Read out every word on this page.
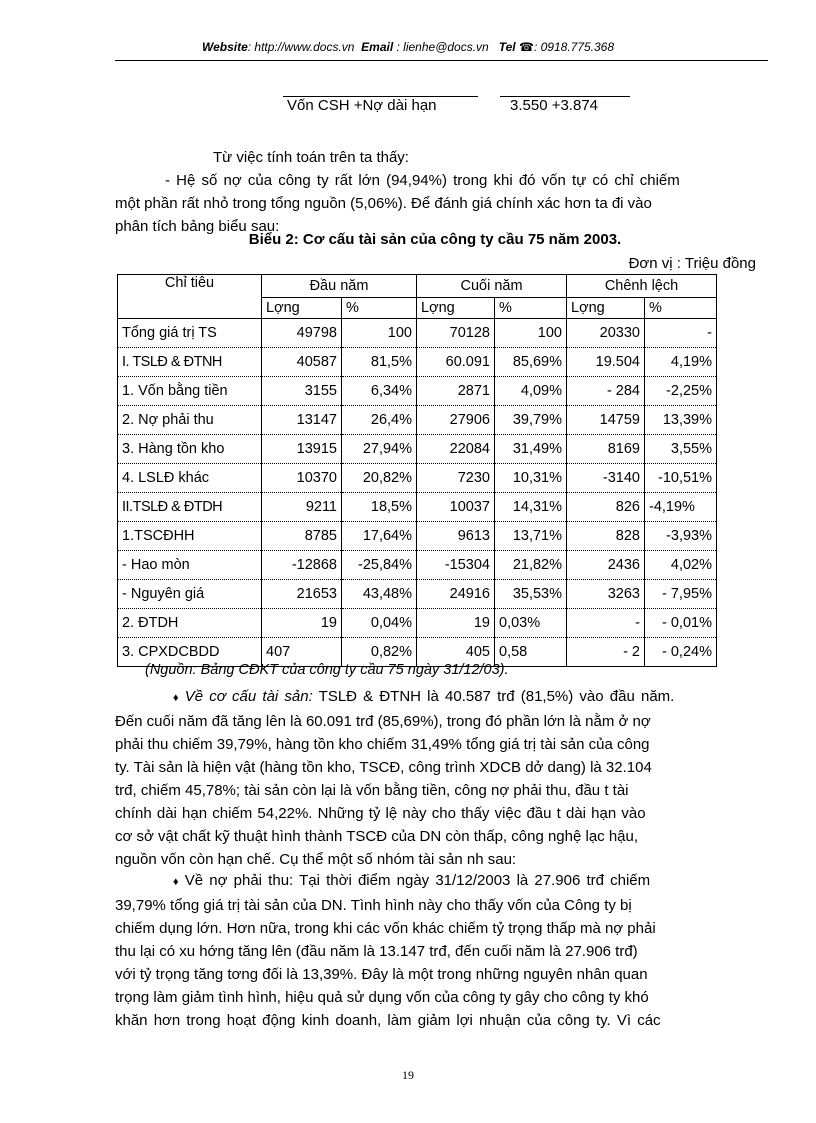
Website: http://www.docs.vn Email : lienhe@docs.vn Tel ☎: 0918.775.368
Vốn CSH +Nợ dài hạn	3.550 +3.874
Từ việc tính toán trên ta thấy:
- Hệ số nợ của công ty rất lớn (94,94%) trong khi đó vốn tự có chỉ chiếm
một phần rất nhỏ trong tổng nguồn (5,06%). Để đánh giá chính xác hơn ta đi vào
phân tích bảng biểu sau:
Biểu 2: Cơ cấu tài sản của công ty cầu 75 năm 2003.
Đơn vị : Triệu đồng
Chỉ tiêu	Đầu năm		Cuối năm		Chênh lệch	
	Lợng	%	Lợng	%	Lợng	%
Tổng giá trị TS	49798	100	70128	100	20330	-
I. TSLĐ & ĐTNH	40587	81,5%	60.091	85,69%	19.504	4,19%
1. Vốn bằng tiền	3155	6,34%	2871	4,09%	- 284	-2,25%
2. Nợ phải thu	13147	26,4%	27906	39,79%	14759	13,39%
3. Hàng tồn kho	13915	27,94%	22084	31,49%	8169	3,55%
4. LSLĐ khác	10370	20,82%	7230	10,31%	-3140	-10,51%
II.TSLĐ & ĐTDH	9211	18,5%	10037	14,31%	826	-4,19%
1.TSCĐHH	8785	17,64%	9613	13,71%	828	-3,93%
- Hao mòn	-12868	-25,84%	-15304	21,82%	2436	4,02%
- Nguyên giá	21653	43,48%	24916	35,53%	3263	- 7,95%
2. ĐTDH	19	0,04%	19	0,03%	-	- 0,01%
3. CPXDCBDD	407	0,82%	405	0,58	- 2	- 0,24%
(Nguồn: Bảng CĐKT của công ty cầu 75 ngày 31/12/03).
♦ Về cơ cấu tài sản: TSLĐ & ĐTNH là 40.587 trđ (81,5%) vào đầu năm.
Đến cuối năm đã tăng lên là 60.091 trđ (85,69%), trong đó phần lớn là nằm ở nợ
phải thu chiếm 39,79%, hàng tồn kho chiếm 31,49% tổng giá trị tài sản của công
ty. Tài sản là hiện vật (hàng tồn kho, TSCĐ, công trình XDCB dở dang) là 32.104
trđ, chiếm 45,78%; tài sản còn lại là vốn bằng tiền, công nợ phải thu, đầu t tài
chính dài hạn chiếm 54,22%. Những tỷ lệ này cho thấy việc đầu t dài hạn vào
cơ sở vật chất kỹ thuật hình thành TSCĐ của DN còn thấp, công nghệ lạc hậu,
nguồn vốn còn hạn chế. Cụ thể một số nhóm tài sản nh sau:
♦ Về nợ phải thu: Tại thời điểm ngày 31/12/2003 là 27.906 trđ chiếm
39,79% tổng giá trị tài sản của DN. Tình hình này cho thấy vốn của Công ty bị
chiếm dụng lớn. Hơn nữa, trong khi các vốn khác chiếm tỷ trọng thấp mà nợ phải
thu lại có xu hớng tăng lên (đầu năm là 13.147 trđ, đến cuối năm là 27.906 trđ)
với tỷ trọng tăng tơng đối là 13,39%. Đây là một trong những nguyên nhân quan
trọng làm giảm tình hình, hiệu quả sử dụng vốn của công ty gây cho công ty khó
khăn hơn trong hoạt động kinh doanh, làm giảm lợi nhuận của công ty. Vì các
19
